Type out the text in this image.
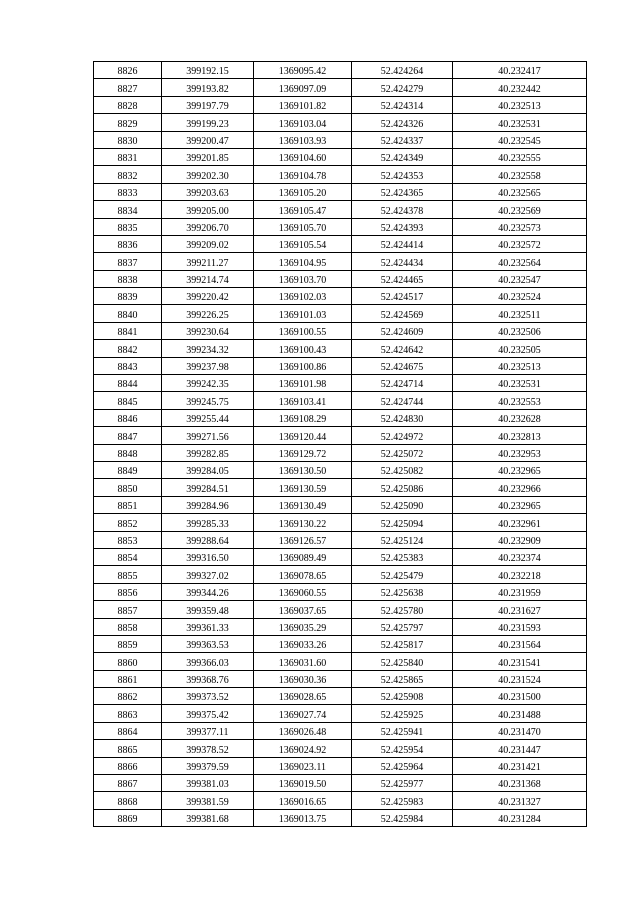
8826	399192.15	1369095.42	52.424264	40.232417
8827	399193.82	1369097.09	52.424279	40.232442
8828	399197.79	1369101.82	52.424314	40.232513
8829	399199.23	1369103.04	52.424326	40.232531
8830	399200.47	1369103.93	52.424337	40.232545
8831	399201.85	1369104.60	52.424349	40.232555
8832	399202.30	1369104.78	52.424353	40.232558
8833	399203.63	1369105.20	52.424365	40.232565
8834	399205.00	1369105.47	52.424378	40.232569
8835	399206.70	1369105.70	52.424393	40.232573
8836	399209.02	1369105.54	52.424414	40.232572
8837	399211.27	1369104.95	52.424434	40.232564
8838	399214.74	1369103.70	52.424465	40.232547
8839	399220.42	1369102.03	52.424517	40.232524
8840	399226.25	1369101.03	52.424569	40.232511
8841	399230.64	1369100.55	52.424609	40.232506
8842	399234.32	1369100.43	52.424642	40.232505
8843	399237.98	1369100.86	52.424675	40.232513
8844	399242.35	1369101.98	52.424714	40.232531
8845	399245.75	1369103.41	52.424744	40.232553
8846	399255.44	1369108.29	52.424830	40.232628
8847	399271.56	1369120.44	52.424972	40.232813
8848	399282.85	1369129.72	52.425072	40.232953
8849	399284.05	1369130.50	52.425082	40.232965
8850	399284.51	1369130.59	52.425086	40.232966
8851	399284.96	1369130.49	52.425090	40.232965
8852	399285.33	1369130.22	52.425094	40.232961
8853	399288.64	1369126.57	52.425124	40.232909
8854	399316.50	1369089.49	52.425383	40.232374
8855	399327.02	1369078.65	52.425479	40.232218
8856	399344.26	1369060.55	52.425638	40.231959
8857	399359.48	1369037.65	52.425780	40.231627
8858	399361.33	1369035.29	52.425797	40.231593
8859	399363.53	1369033.26	52.425817	40.231564
8860	399366.03	1369031.60	52.425840	40.231541
8861	399368.76	1369030.36	52.425865	40.231524
8862	399373.52	1369028.65	52.425908	40.231500
8863	399375.42	1369027.74	52.425925	40.231488
8864	399377.11	1369026.48	52.425941	40.231470
8865	399378.52	1369024.92	52.425954	40.231447
8866	399379.59	1369023.11	52.425964	40.231421
8867	399381.03	1369019.50	52.425977	40.231368
8868	399381.59	1369016.65	52.425983	40.231327
8869	399381.68	1369013.75	52.425984	40.231284
